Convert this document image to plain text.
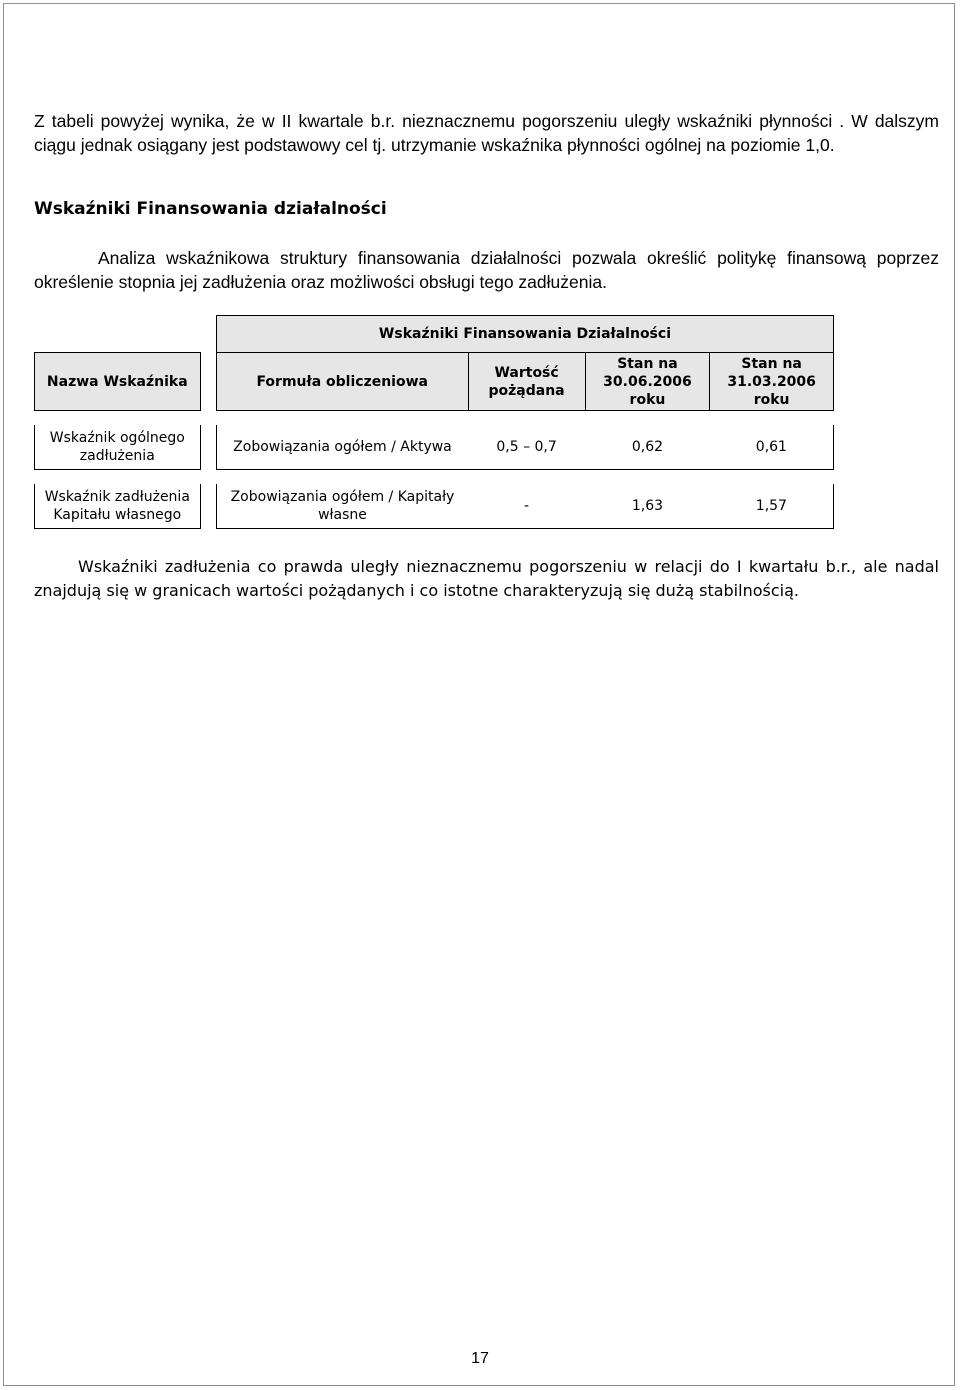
Z tabeli powyżej wynika, że w II kwartale b.r. nieznacznemu pogorszeniu uległy wskaźniki płynności . W dalszym ciągu jednak osiągany jest podstawowy cel tj. utrzymanie wskaźnika płynności ogólnej na poziomie 1,0.

Wskaźniki Finansowania działalności

Analiza wskaźnikowa struktury finansowania działalności pozwala określić politykę finansową poprzez określenie stopnia jej zadłużenia oraz możliwości obsługi tego zadłużenia.

		Wskaźniki Finansowania Działalności			
Nazwa Wskaźnika		Formuła obliczeniowa	Wartość pożądana	Stan na 30.06.2006 roku	Stan na 31.03.2006 roku

Wskaźnik ogólnego zadłużenia		Zobowiązania ogółem / Aktywa	0,5 – 0,7	0,62	0,61

Wskaźnik zadłużenia Kapitału własnego		Zobowiązania ogółem / Kapitały własne	-	1,63	1,57

Wskaźniki zadłużenia co prawda uległy nieznacznemu pogorszeniu w relacji do I kwartału b.r., ale nadal znajdują się w granicach wartości pożądanych i co istotne charakteryzują się dużą stabilnością.

17
